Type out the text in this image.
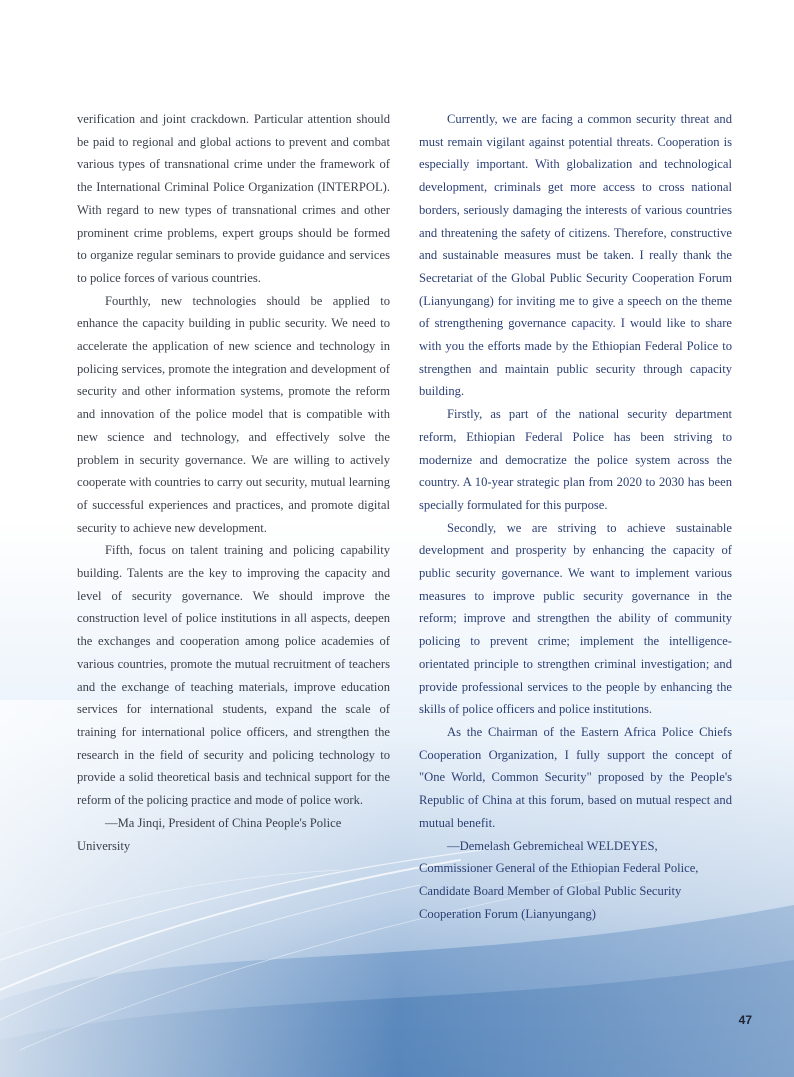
verification and joint crackdown. Particular attention should be paid to regional and global actions to prevent and combat various types of transnational crime under the framework of the International Criminal Police Organization (INTERPOL). With regard to new types of transnational crimes and other prominent crime problems, expert groups should be formed to organize regular seminars to provide guidance and services to police forces of various countries.

Fourthly, new technologies should be applied to enhance the capacity building in public security. We need to accelerate the application of new science and technology in policing services, promote the integration and development of security and other information systems, promote the reform and innovation of the police model that is compatible with new science and technology, and effectively solve the problem in security governance. We are willing to actively cooperate with countries to carry out security, mutual learning of successful experiences and practices, and promote digital security to achieve new development.

Fifth, focus on talent training and policing capability building. Talents are the key to improving the capacity and level of security governance. We should improve the construction level of police institutions in all aspects, deepen the exchanges and cooperation among police academies of various countries, promote the mutual recruitment of teachers and the exchange of teaching materials, improve education services for international students, expand the scale of training for international police officers, and strengthen the research in the field of security and policing technology to provide a solid theoretical basis and technical support for the reform of the policing practice and mode of police work.

—Ma Jinqi, President of China People's Police University

Currently, we are facing a common security threat and must remain vigilant against potential threats. Cooperation is especially important. With globalization and technological development, criminals get more access to cross national borders, seriously damaging the interests of various countries and threatening the safety of citizens. Therefore, constructive and sustainable measures must be taken. I really thank the Secretariat of the Global Public Security Cooperation Forum (Lianyungang) for inviting me to give a speech on the theme of strengthening governance capacity. I would like to share with you the efforts made by the Ethiopian Federal Police to strengthen and maintain public security through capacity building.

Firstly, as part of the national security department reform, Ethiopian Federal Police has been striving to modernize and democratize the police system across the country. A 10-year strategic plan from 2020 to 2030 has been specially formulated for this purpose.

Secondly, we are striving to achieve sustainable development and prosperity by enhancing the capacity of public security governance. We want to implement various measures to improve public security governance in the reform; improve and strengthen the ability of community policing to prevent crime; implement the intelligence-orientated principle to strengthen criminal investigation; and provide professional services to the people by enhancing the skills of police officers and police institutions.

As the Chairman of the Eastern Africa Police Chiefs Cooperation Organization, I fully support the concept of "One World, Common Security" proposed by the People's Republic of China at this forum, based on mutual respect and mutual benefit.

—Demelash Gebremicheal WELDEYES, Commissioner General of the Ethiopian Federal Police, Candidate Board Member of Global Public Security Cooperation Forum (Lianyungang)

47
